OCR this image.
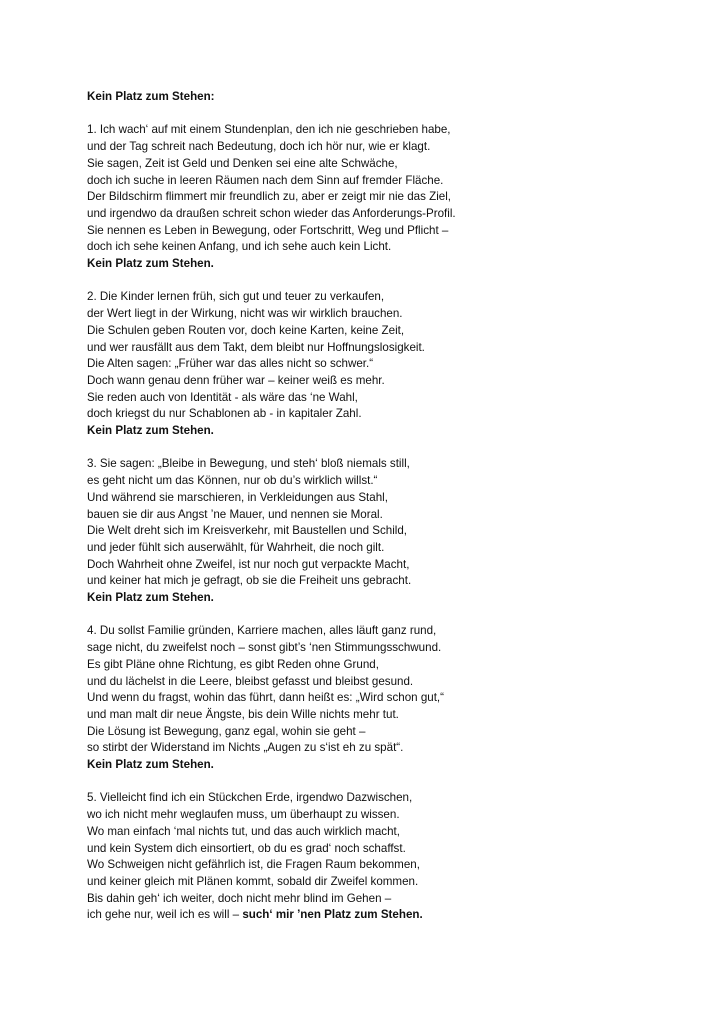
Kein Platz zum Stehen:
1. Ich wach‘ auf mit einem Stundenplan, den ich nie geschrieben habe,
und der Tag schreit nach Bedeutung, doch ich hör nur, wie er klagt.
Sie sagen, Zeit ist Geld und Denken sei eine alte Schwäche,
doch ich suche in leeren Räumen nach dem Sinn auf fremder Fläche.
Der Bildschirm flimmert mir freundlich zu, aber er zeigt mir nie das Ziel,
und irgendwo da draußen schreit schon wieder das Anforderungs-Profil.
Sie nennen es Leben in Bewegung, oder Fortschritt, Weg und Pflicht –
doch ich sehe keinen Anfang, und ich sehe auch kein Licht.
Kein Platz zum Stehen.
2. Die Kinder lernen früh, sich gut und teuer zu verkaufen,
der Wert liegt in der Wirkung, nicht was wir wirklich brauchen.
Die Schulen geben Routen vor, doch keine Karten, keine Zeit,
und wer rausfällt aus dem Takt, dem bleibt nur Hoffnungslosigkeit.
Die Alten sagen: „Früher war das alles nicht so schwer.“
Doch wann genau denn früher war – keiner weiß es mehr.
Sie reden auch von Identität - als wäre das ‘ne Wahl,
doch kriegst du nur Schablonen ab - in kapitaler Zahl.
Kein Platz zum Stehen.
3. Sie sagen: „Bleibe in Bewegung, und steh‘ bloß niemals still,
es geht nicht um das Können, nur ob du’s wirklich willst.“
Und während sie marschieren, in Verkleidungen aus Stahl,
bauen sie dir aus Angst ’ne Mauer, und nennen sie Moral.
Die Welt dreht sich im Kreisverkehr, mit Baustellen und Schild,
und jeder fühlt sich auserwählt, für Wahrheit, die noch gilt.
Doch Wahrheit ohne Zweifel, ist nur noch gut verpackte Macht,
und keiner hat mich je gefragt, ob sie die Freiheit uns gebracht.
Kein Platz zum Stehen.
4. Du sollst Familie gründen, Karriere machen, alles läuft ganz rund,
sage nicht, du zweifelst noch – sonst gibt’s ‘nen Stimmungsschwund.
Es gibt Pläne ohne Richtung, es gibt Reden ohne Grund,
und du lächelst in die Leere, bleibst gefasst und bleibst gesund.
Und wenn du fragst, wohin das führt, dann heißt es: „Wird schon gut,“
und man malt dir neue Ängste, bis dein Wille nichts mehr tut.
Die Lösung ist Bewegung, ganz egal, wohin sie geht –
so stirbt der Widerstand im Nichts „Augen zu s‘ist eh zu spät“.
Kein Platz zum Stehen.
5. Vielleicht find ich ein Stückchen Erde, irgendwo Dazwischen,
wo ich nicht mehr weglaufen muss, um überhaupt zu wissen.
Wo man einfach ‘mal nichts tut, und das auch wirklich macht,
und kein System dich einsortiert, ob du es grad‘ noch schaffst.
Wo Schweigen nicht gefährlich ist, die Fragen Raum bekommen,
und keiner gleich mit Plänen kommt, sobald dir Zweifel kommen.
Bis dahin geh‘ ich weiter, doch nicht mehr blind im Gehen –
ich gehe nur, weil ich es will – such‘ mir ’nen Platz zum Stehen.
